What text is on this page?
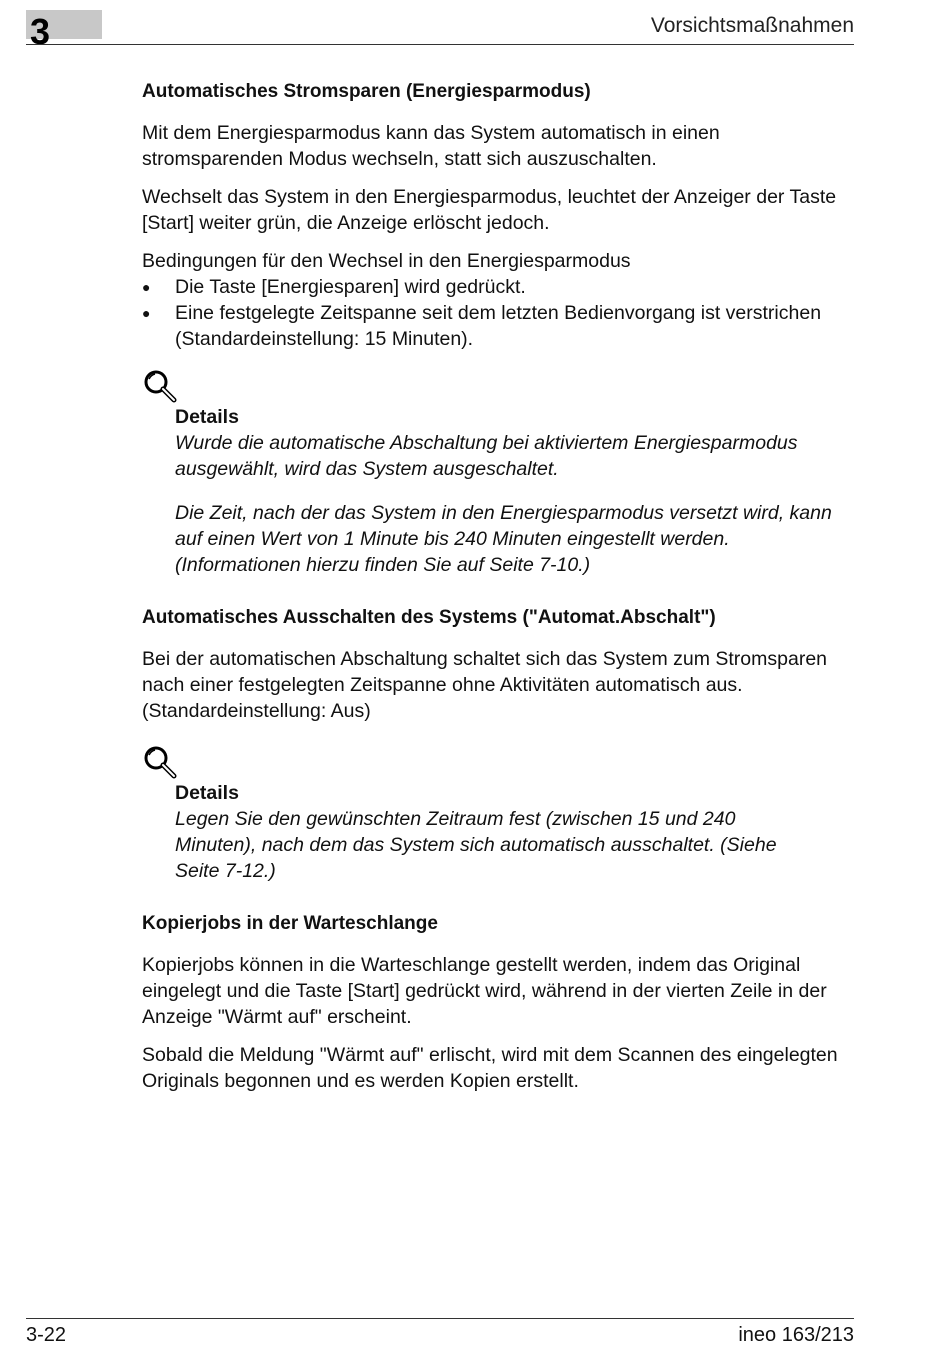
3	Vorsichtsmaßnahmen
Automatisches Stromsparen (Energiesparmodus)

Mit dem Energiesparmodus kann das System automatisch in einen stromsparenden Modus wechseln, statt sich auszuschalten.

Wechselt das System in den Energiesparmodus, leuchtet der Anzeiger der Taste [Start] weiter grün, die Anzeige erlöscht jedoch.

Bedingungen für den Wechsel in den Energiesparmodus

● Die Taste [Energiesparen] wird gedrückt.
● Eine festgelegte Zeitspanne seit dem letzten Bedienvorgang ist verstrichen (Standardeinstellung: 15 Minuten).
Details

Wurde die automatische Abschaltung bei aktiviertem Energiesparmodus ausgewählt, wird das System ausgeschaltet.

Die Zeit, nach der das System in den Energiesparmodus versetzt wird, kann auf einen Wert von 1 Minute bis 240 Minuten eingestellt werden. (Informationen hierzu finden Sie auf Seite 7-10.)

Automatisches Ausschalten des Systems ("Automat.Abschalt")

Bei der automatischen Abschaltung schaltet sich das System zum Stromsparen nach einer festgelegten Zeitspanne ohne Aktivitäten automatisch aus. (Standardeinstellung: Aus)

Details

Legen Sie den gewünschten Zeitraum fest (zwischen 15 und 240 Minuten), nach dem das System sich automatisch ausschaltet. (Siehe Seite 7-12.)

Kopierjobs in der Warteschlange

Kopierjobs können in die Warteschlange gestellt werden, indem das Original eingelegt und die Taste [Start] gedrückt wird, während in der vierten Zeile in der Anzeige "Wärmt auf" erscheint.

Sobald die Meldung "Wärmt auf" erlischt, wird mit dem Scannen des eingelegten Originals begonnen und es werden Kopien erstellt.

3-22	ineo 163/213
